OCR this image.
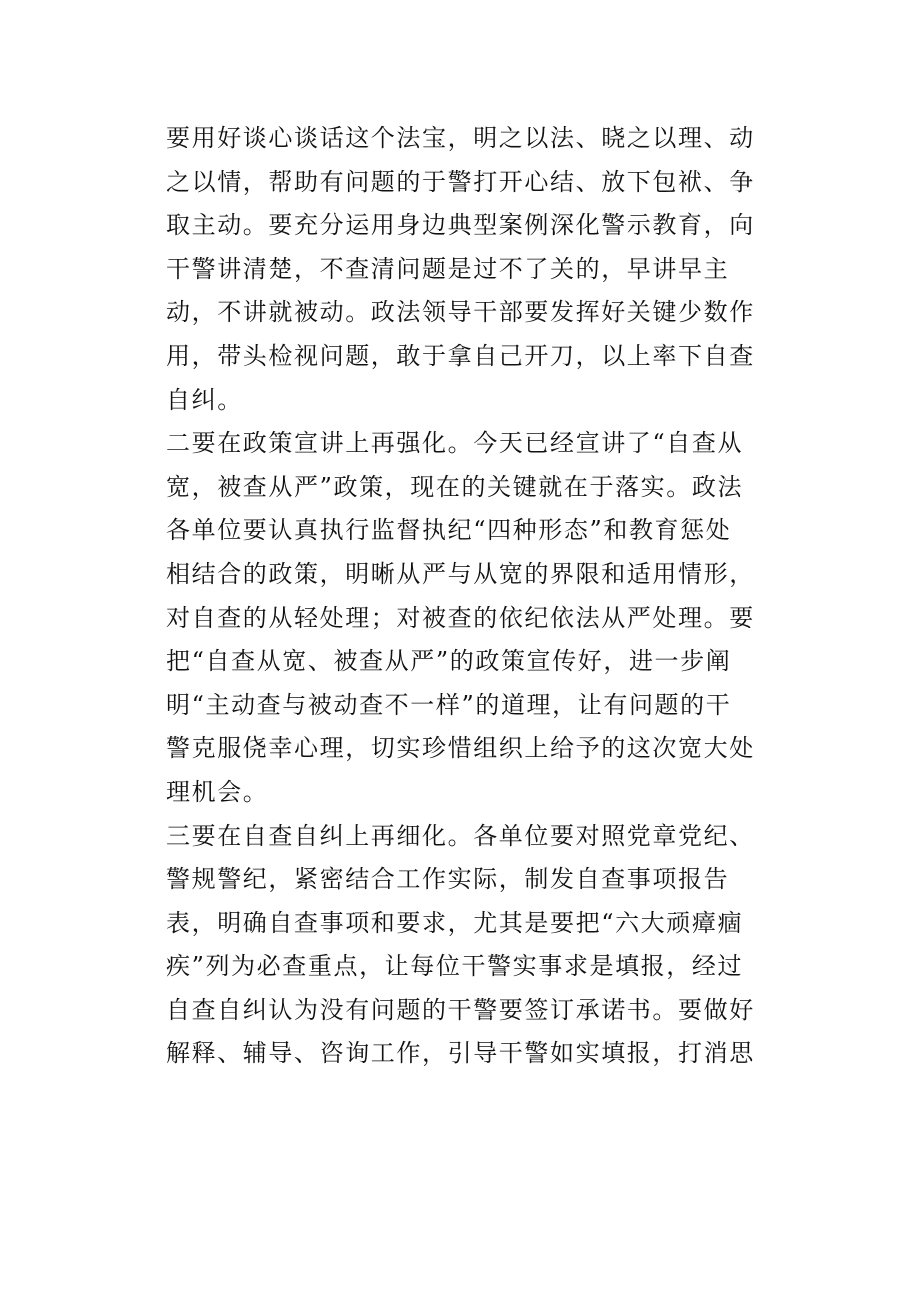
要用好谈心谈话这个法宝，明之以法、晓之以理、动
之以情，帮助有问题的于警打开心结、放下包袱、争
取主动。要充分运用身边典型案例深化警示教育，向
干警讲清楚，不查清问题是过不了关的，早讲早主
动，不讲就被动。政法领导干部要发挥好关键少数作
用，带头检视问题，敢于拿自己开刀，以上率下自查
自纠。
二要在政策宣讲上再强化。今天已经宣讲了“自查从
宽，被查从严”政策，现在的关键就在于落实。政法
各单位要认真执行监督执纪“四种形态”和教育惩处
相结合的政策，明晰从严与从宽的界限和适用情形，
对自查的从轻处理；对被查的依纪依法从严处理。要
把“自查从宽、被查从严”的政策宣传好，进一步阐
明“主动查与被动查不一样”的道理，让有问题的干
警克服侥幸心理，切实珍惜组织上给予的这次宽大处
理机会。
三要在自查自纠上再细化。各单位要对照党章党纪、
警规警纪，紧密结合工作实际，制发自查事项报告
表，明确自查事项和要求，尤其是要把“六大顽瘴痼
疾”列为必查重点，让每位干警实事求是填报，经过
自查自纠认为没有问题的干警要签订承诺书。要做好
解释、辅导、咨询工作，引导干警如实填报，打消思
